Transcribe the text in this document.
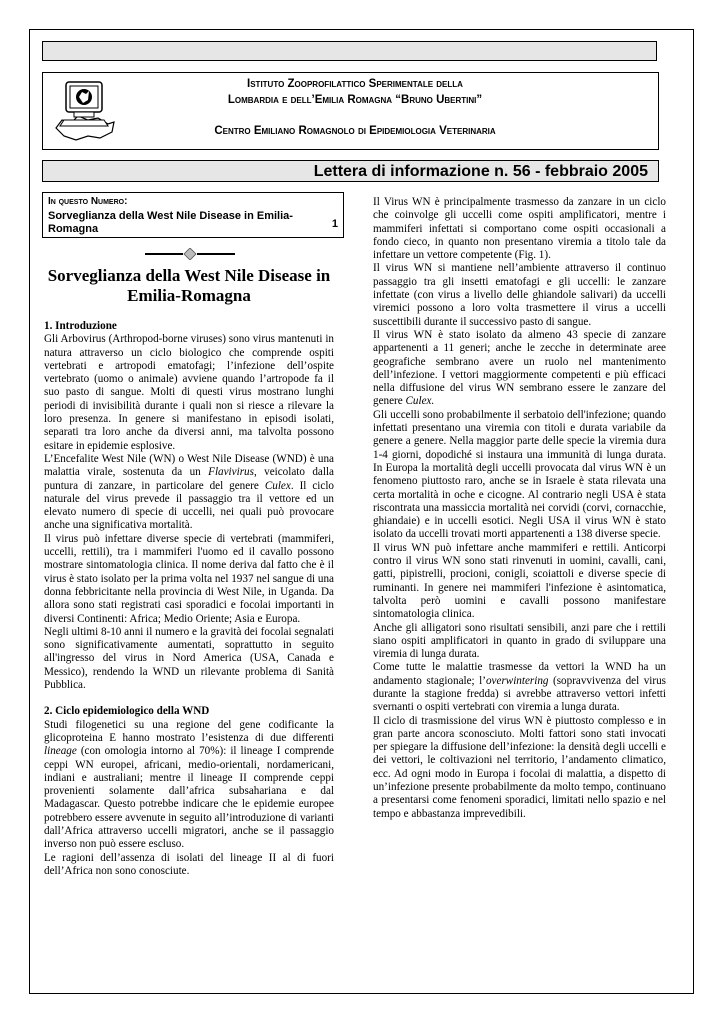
Istituto Zooprofilattico Sperimentale della
Lombardia e dell’Emilia Romagna “Bruno Ubertini”
Centro Emiliano Romagnolo di Epidemiologia Veterinaria
Lettera di informazione n. 56 - febbraio 2005
In questo Numero:
Sorveglianza della West Nile Disease in Emilia-Romagna	1
Sorveglianza della West Nile Disease in Emilia-Romagna

1. Introduzione

Gli Arbovirus (Arthropod-borne viruses) sono virus mantenuti in natura attraverso un ciclo biologico che comprende ospiti vertebrati e artropodi ematofagi; l’infezione dell’ospite vertebrato (uomo o animale) avviene quando l’artropode fa il suo pasto di sangue. Molti di questi virus mostrano lunghi periodi di invisibilità durante i quali non si riesce a rilevare la loro presenza. In genere si manifestano in episodi isolati, separati tra loro anche da diversi anni, ma talvolta possono esitare in epidemie esplosive.

L’Encefalite West Nile (WN) o West Nile Disease (WND) è una malattia virale, sostenuta da un Flavivirus, veicolato dalla puntura di zanzare, in particolare del genere Culex. Il ciclo naturale del virus prevede il passaggio tra il vettore ed un elevato numero di specie di uccelli, nei quali può provocare anche una significativa mortalità.

Il virus può infettare diverse specie di vertebrati (mammiferi, uccelli, rettili), tra i mammiferi l'uomo ed il cavallo possono mostrare sintomatologia clinica. Il nome deriva dal fatto che è il virus è stato isolato per la prima volta nel 1937 nel sangue di una donna febbricitante nella provincia di West Nile, in Uganda. Da allora sono stati registrati casi sporadici e focolai importanti in diversi Continenti: Africa; Medio Oriente; Asia e Europa.

Negli ultimi 8-10 anni il numero e la gravità dei focolai segnalati sono significativamente aumentati, soprattutto in seguito all'ingresso del virus in Nord America (USA, Canada e Messico), rendendo la WND un rilevante problema di Sanità Pubblica.

2. Ciclo epidemiologico della WND

Studi filogenetici su una regione del gene codificante la glicoproteina E hanno mostrato l’esistenza di due differenti lineage (con omologia intorno al 70%): il lineage I comprende ceppi WN europei, africani, medio-orientali, nordamericani, indiani e australiani; mentre il lineage II comprende ceppi provenienti solamente dall’africa subsahariana e dal Madagascar. Questo potrebbe indicare che le epidemie europee potrebbero essere avvenute in seguito all’introduzione di varianti dall’Africa attraverso uccelli migratori, anche se il passaggio inverso non può essere escluso.

Le ragioni dell’assenza di isolati del lineage II al di fuori dell’Africa non sono conosciute.

Il Virus WN è principalmente trasmesso da zanzare in un ciclo che coinvolge gli uccelli come ospiti amplificatori, mentre i mammiferi infettati si comportano come ospiti occasionali a fondo cieco, in quanto non presentano viremia a titolo tale da infettare un vettore competente (Fig. 1).

Il virus WN si mantiene nell’ambiente attraverso il continuo passaggio tra gli insetti ematofagi e gli uccelli: le zanzare infettate (con virus a livello delle ghiandole salivari) da uccelli viremici possono a loro volta trasmettere il virus a uccelli suscettibili durante il successivo pasto di sangue.

Il virus WN è stato isolato da almeno 43 specie di zanzare appartenenti a 11 generi; anche le zecche in determinate aree geografiche sembrano avere un ruolo nel mantenimento dell’infezione. I vettori maggiormente competenti e più efficaci nella diffusione del virus WN sembrano essere le zanzare del genere Culex.

Gli uccelli sono probabilmente il serbatoio dell'infezione; quando infettati presentano una viremia con titoli e durata variabile da genere a genere. Nella maggior parte delle specie la viremia dura 1-4 giorni, dopodiché si instaura una immunità di lunga durata. In Europa la mortalità degli uccelli provocata dal virus WN è un fenomeno piuttosto raro, anche se in Israele è stata rilevata una certa mortalità in oche e cicogne. Al contrario negli USA è stata riscontrata una massiccia mortalità nei corvidi (corvi, cornacchie, ghiandaie) e in uccelli esotici. Negli USA il virus WN è stato isolato da uccelli trovati morti appartenenti a 138 diverse specie.

Il virus WN può infettare anche mammiferi e rettili. Anticorpi contro il virus WN sono stati rinvenuti in uomini, cavalli, cani, gatti, pipistrelli, procioni, conigli, scoiattoli e diverse specie di ruminanti. In genere nei mammiferi l'infezione è asintomatica, talvolta però uomini e cavalli possono manifestare sintomatologia clinica.

Anche gli alligatori sono risultati sensibili, anzi pare che i rettili siano ospiti amplificatori in quanto in grado di sviluppare una viremia di lunga durata.

Come tutte le malattie trasmesse da vettori la WND ha un andamento stagionale; l’overwintering (sopravvivenza del virus durante la stagione fredda) si avrebbe attraverso vettori infetti svernanti o ospiti vertebrati con viremia a lunga durata.

Il ciclo di trasmissione del virus WN è piuttosto complesso e in gran parte ancora sconosciuto. Molti fattori sono stati invocati per spiegare la diffusione dell’infezione: la densità degli uccelli e dei vettori, le coltivazioni nel territorio, l’andamento climatico, ecc. Ad ogni modo in Europa i focolai di malattia, a dispetto di un’infezione presente probabilmente da molto tempo, continuano a presentarsi come fenomeni sporadici, limitati nello spazio e nel tempo e abbastanza imprevedibili.
